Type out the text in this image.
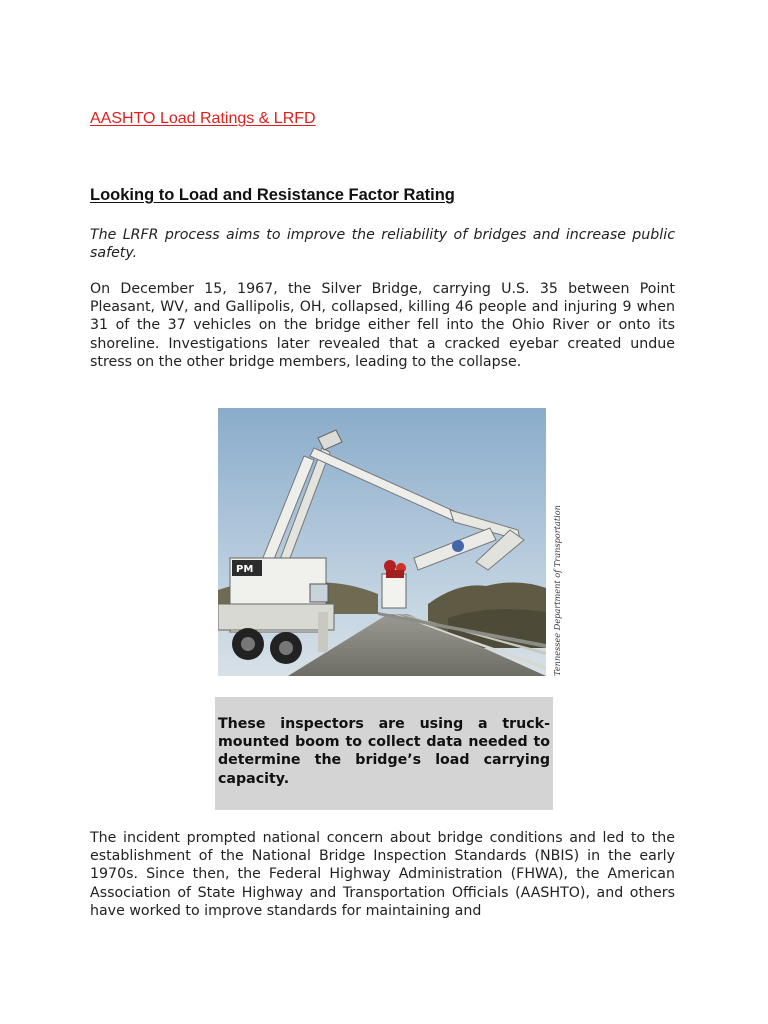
AASHTO Load Ratings & LRFD
Looking to Load and Resistance Factor Rating

The LRFR process aims to improve the reliability of bridges and increase public safety.

On December 15, 1967, the Silver Bridge, carrying U.S. 35 between Point Pleasant, WV, and Gallipolis, OH, collapsed, killing 46 people and injuring 9 when 31 of the 37 vehicles on the bridge either fell into the Ohio River or onto its shoreline. Investigations later revealed that a cracked eyebar created undue stress on the other bridge members, leading to the collapse.

PM	Tennessee Department of Transportation

These inspectors are using a truck-mounted boom to collect data needed to determine the bridge’s load carrying capacity.

The incident prompted national concern about bridge conditions and led to the establishment of the National Bridge Inspection Standards (NBIS) in the early 1970s. Since then, the Federal Highway Administration (FHWA), the American Association of State Highway and Transportation Officials (AASHTO), and others have worked to improve standards for maintaining and
